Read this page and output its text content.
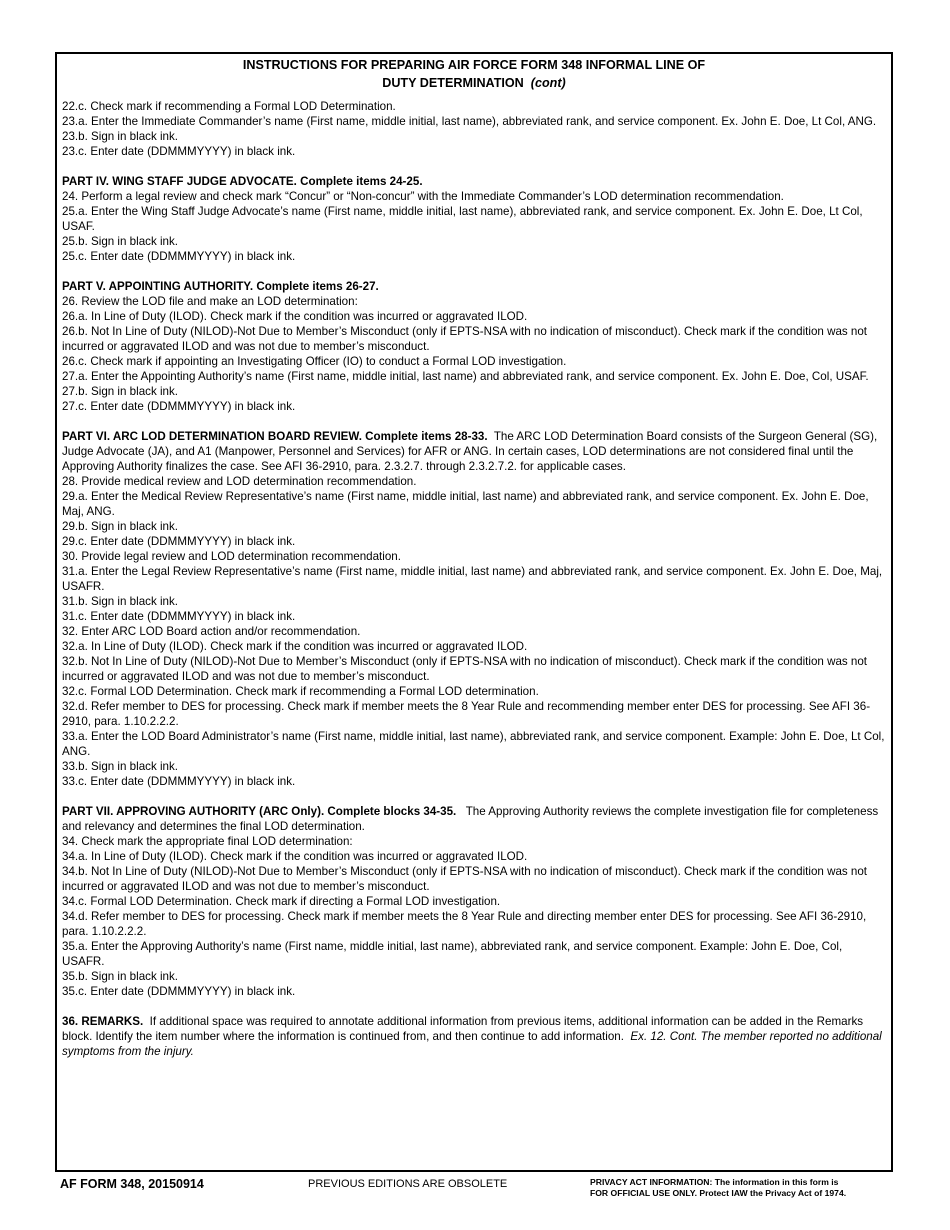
INSTRUCTIONS FOR PREPARING AIR FORCE FORM 348 INFORMAL LINE OF
DUTY DETERMINATION (cont)

22.c. Check mark if recommending a Formal LOD Determination.

23.a. Enter the Immediate Commander’s name (First name, middle initial, last name), abbreviated rank, and service component. Ex. John E. Doe, Lt Col, ANG.

23.b. Sign in black ink.

23.c. Enter date (DDMMMYYYY) in black ink.

PART IV. WING STAFF JUDGE ADVOCATE. Complete items 24-25.

24. Perform a legal review and check mark “Concur” or “Non-concur” with the Immediate Commander’s LOD determination recommendation.

25.a. Enter the Wing Staff Judge Advocate’s name (First name, middle initial, last name), abbreviated rank, and service component. Ex. John E. Doe, Lt Col, USAF.

25.b. Sign in black ink.

25.c. Enter date (DDMMMYYYY) in black ink.

PART V. APPOINTING AUTHORITY. Complete items 26-27.

26. Review the LOD file and make an LOD determination:

26.a. In Line of Duty (ILOD). Check mark if the condition was incurred or aggravated ILOD.

26.b. Not In Line of Duty (NILOD)-Not Due to Member’s Misconduct (only if EPTS-NSA with no indication of misconduct). Check mark if the condition was not incurred or aggravated ILOD and was not due to member’s misconduct.

26.c. Check mark if appointing an Investigating Officer (IO) to conduct a Formal LOD investigation.

27.a. Enter the Appointing Authority’s name (First name, middle initial, last name) and abbreviated rank, and service component. Ex. John E. Doe, Col, USAF.

27.b. Sign in black ink.

27.c. Enter date (DDMMMYYYY) in black ink.

PART VI. ARC LOD DETERMINATION BOARD REVIEW. Complete items 28-33. The ARC LOD Determination Board consists of the Surgeon General (SG), Judge Advocate (JA), and A1 (Manpower, Personnel and Services) for AFR or ANG. In certain cases, LOD determinations are not considered final until the Approving Authority finalizes the case. See AFI 36-2910, para. 2.3.2.7. through 2.3.2.7.2. for applicable cases.

28. Provide medical review and LOD determination recommendation.

29.a. Enter the Medical Review Representative’s name (First name, middle initial, last name) and abbreviated rank, and service component. Ex. John E. Doe, Maj, ANG.

29.b. Sign in black ink.

29.c. Enter date (DDMMMYYYY) in black ink.

30. Provide legal review and LOD determination recommendation.

31.a. Enter the Legal Review Representative’s name (First name, middle initial, last name) and abbreviated rank, and service component. Ex. John E. Doe, Maj, USAFR.

31.b. Sign in black ink.

31.c. Enter date (DDMMMYYYY) in black ink.

32. Enter ARC LOD Board action and/or recommendation.

32.a. In Line of Duty (ILOD). Check mark if the condition was incurred or aggravated ILOD.

32.b. Not In Line of Duty (NILOD)-Not Due to Member’s Misconduct (only if EPTS-NSA with no indication of misconduct). Check mark if the condition was not incurred or aggravated ILOD and was not due to member’s misconduct.

32.c. Formal LOD Determination. Check mark if recommending a Formal LOD determination.

32.d. Refer member to DES for processing. Check mark if member meets the 8 Year Rule and recommending member enter DES for processing. See AFI 36-2910, para. 1.10.2.2.2.

33.a. Enter the LOD Board Administrator’s name (First name, middle initial, last name), abbreviated rank, and service component. Example: John E. Doe, Lt Col, ANG.

33.b. Sign in black ink.

33.c. Enter date (DDMMMYYYY) in black ink.

PART VII. APPROVING AUTHORITY (ARC Only). Complete blocks 34-35. The Approving Authority reviews the complete investigation file for completeness and relevancy and determines the final LOD determination.

34. Check mark the appropriate final LOD determination:

34.a. In Line of Duty (ILOD). Check mark if the condition was incurred or aggravated ILOD.

34.b. Not In Line of Duty (NILOD)-Not Due to Member’s Misconduct (only if EPTS-NSA with no indication of misconduct). Check mark if the condition was not incurred or aggravated ILOD and was not due to member’s misconduct.

34.c. Formal LOD Determination. Check mark if directing a Formal LOD investigation.

34.d. Refer member to DES for processing. Check mark if member meets the 8 Year Rule and directing member enter DES for processing. See AFI 36-2910, para. 1.10.2.2.2.

35.a. Enter the Approving Authority’s name (First name, middle initial, last name), abbreviated rank, and service component. Example: John E. Doe, Col, USAFR.

35.b. Sign in black ink.

35.c. Enter date (DDMMMYYYY) in black ink.

36. REMARKS. If additional space was required to annotate additional information from previous items, additional information can be added in the Remarks block. Identify the item number where the information is continued from, and then continue to add information. Ex. 12. Cont. The member reported no additional symptoms from the injury.

AF FORM 348, 20150914	PREVIOUS EDITIONS ARE OBSOLETE	PRIVACY ACT INFORMATION: The information in this form is
FOR OFFICIAL USE ONLY. Protect IAW the Privacy Act of 1974.
